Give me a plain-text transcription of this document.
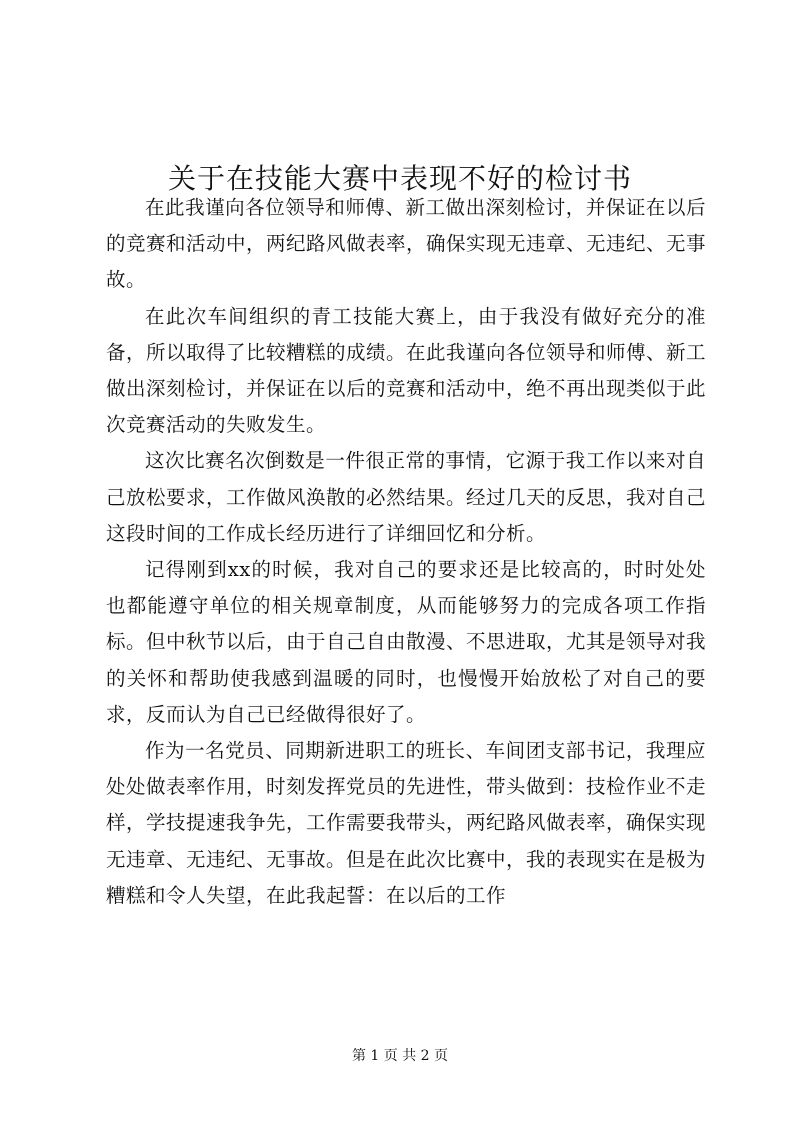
关于在技能大赛中表现不好的检讨书

在此我谨向各位领导和师傅、新工做出深刻检讨，并保证在以后的竞赛和活动中，两纪路风做表率，确保实现无违章、无违纪、无事故。

在此次车间组织的青工技能大赛上，由于我没有做好充分的准备，所以取得了比较糟糕的成绩。在此我谨向各位领导和师傅、新工做出深刻检讨，并保证在以后的竞赛和活动中，绝不再出现类似于此次竞赛活动的失败发生。

这次比赛名次倒数是一件很正常的事情，它源于我工作以来对自己放松要求，工作做风涣散的必然结果。经过几天的反思，我对自己这段时间的工作成长经历进行了详细回忆和分析。

记得刚到xx的时候，我对自己的要求还是比较高的，时时处处也都能遵守单位的相关规章制度，从而能够努力的完成各项工作指标。但中秋节以后，由于自己自由散漫、不思进取，尤其是领导对我的关怀和帮助使我感到温暖的同时，也慢慢开始放松了对自己的要求，反而认为自己已经做得很好了。

作为一名党员、同期新进职工的班长、车间团支部书记，我理应处处做表率作用，时刻发挥党员的先进性，带头做到：技检作业不走样，学技提速我争先，工作需要我带头，两纪路风做表率，确保实现无违章、无违纪、无事故。但是在此次比赛中，我的表现实在是极为糟糕和令人失望，在此我起誓：在以后的工作

第 1 页 共 2 页
